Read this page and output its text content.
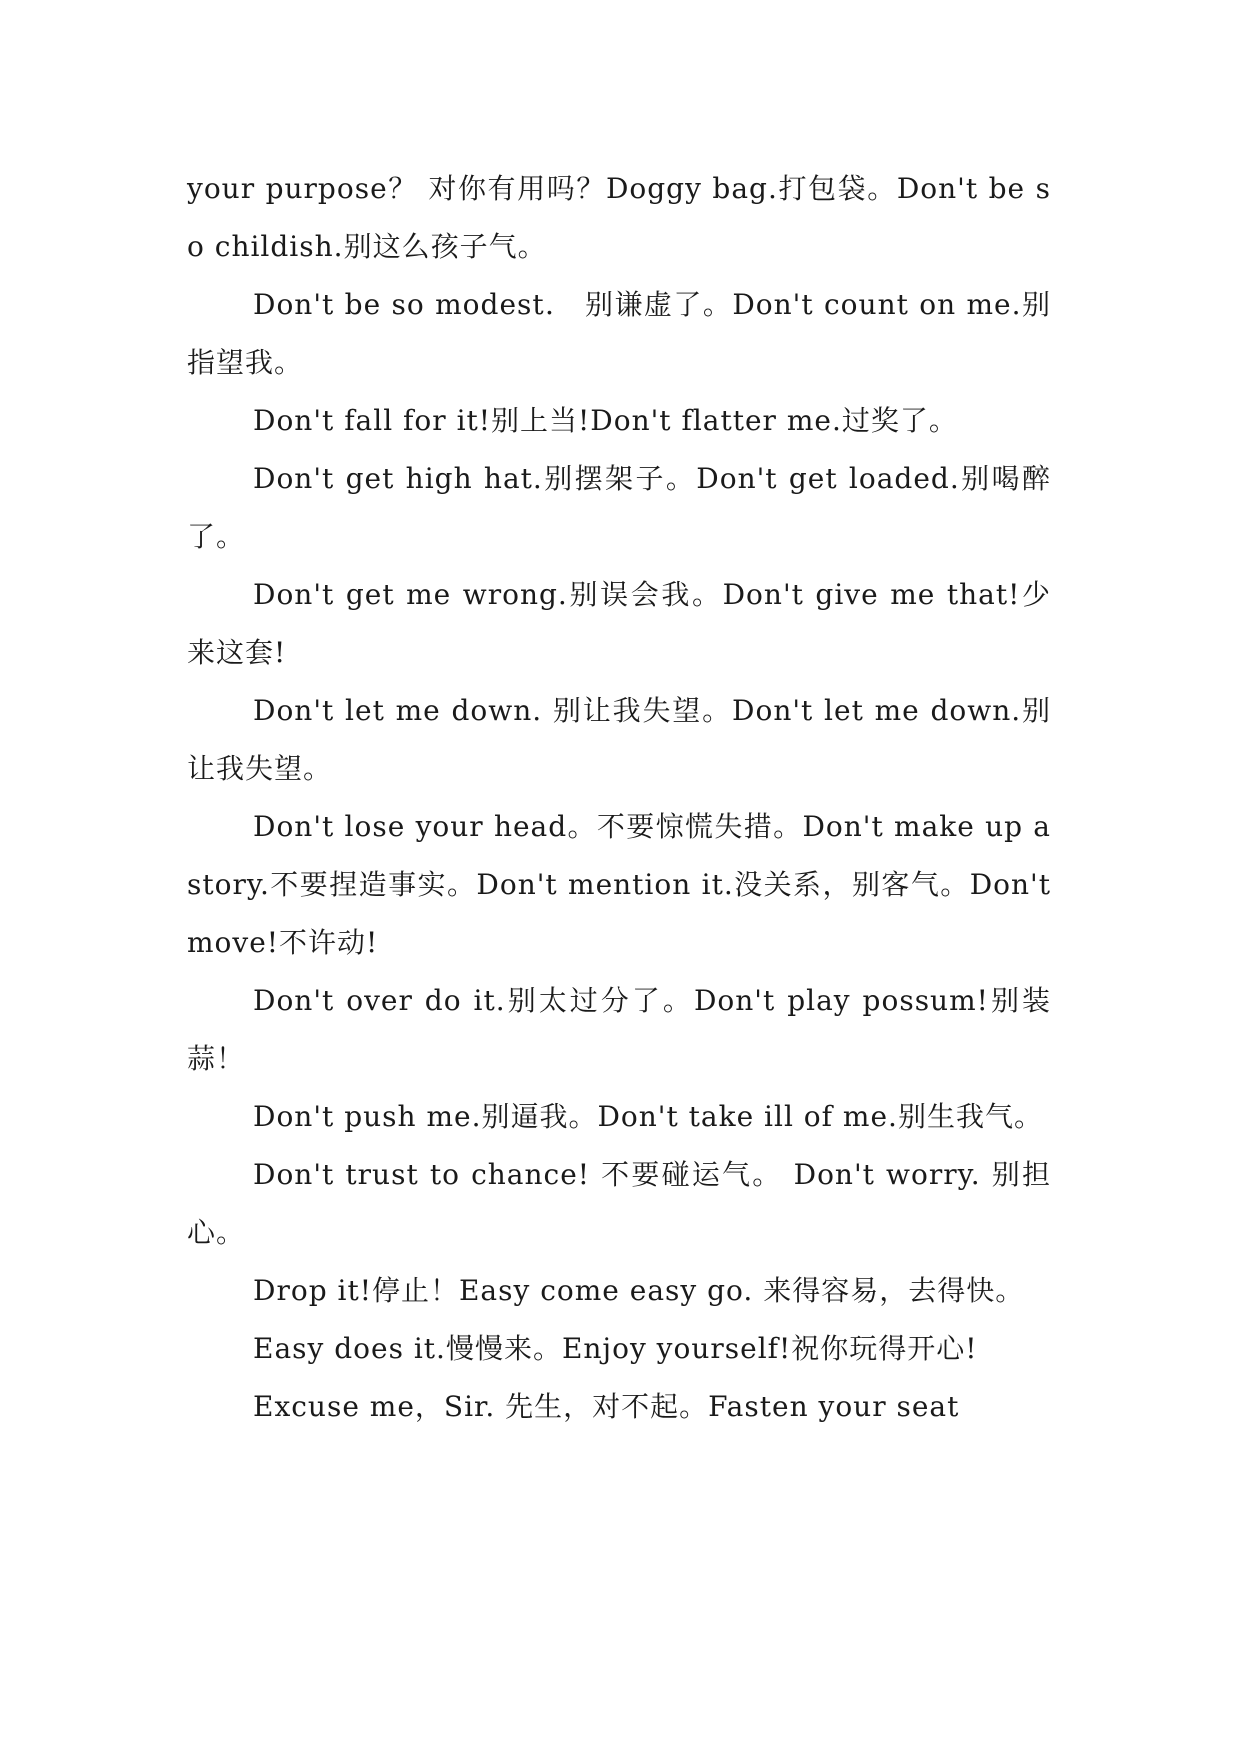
your purpose？ 对你有用吗？Doggy bag.打包袋。Don't be so childish.别这么孩子气。

Don't be so modest． 别谦虚了。Don't count on me.别指望我。

Don't fall for it!别上当!Don't flatter me.过奖了。

Don't get high hat.别摆架子。Don't get loaded.别喝醉了。

Don't get me wrong.别误会我。Don't give me that!少来这套!

Don't let me down. 别让我失望。Don't let me down.别让我失望。

Don't lose your head。不要惊慌失措。Don't make up a story.不要捏造事实。Don't mention it.没关系，别客气。Don't move!不许动!

Don't over do it.别太过分了。Don't play possum!别装蒜！

Don't push me.别逼我。Don't take ill of me.别生我气。

Don't trust to chance! 不要碰运气。 Don't worry. 别担心。

Drop it!停止！Easy come easy go. 来得容易，去得快。

Easy does it.慢慢来。Enjoy yourself!祝你玩得开心!

Excuse me，Sir. 先生，对不起。Fasten your seat
